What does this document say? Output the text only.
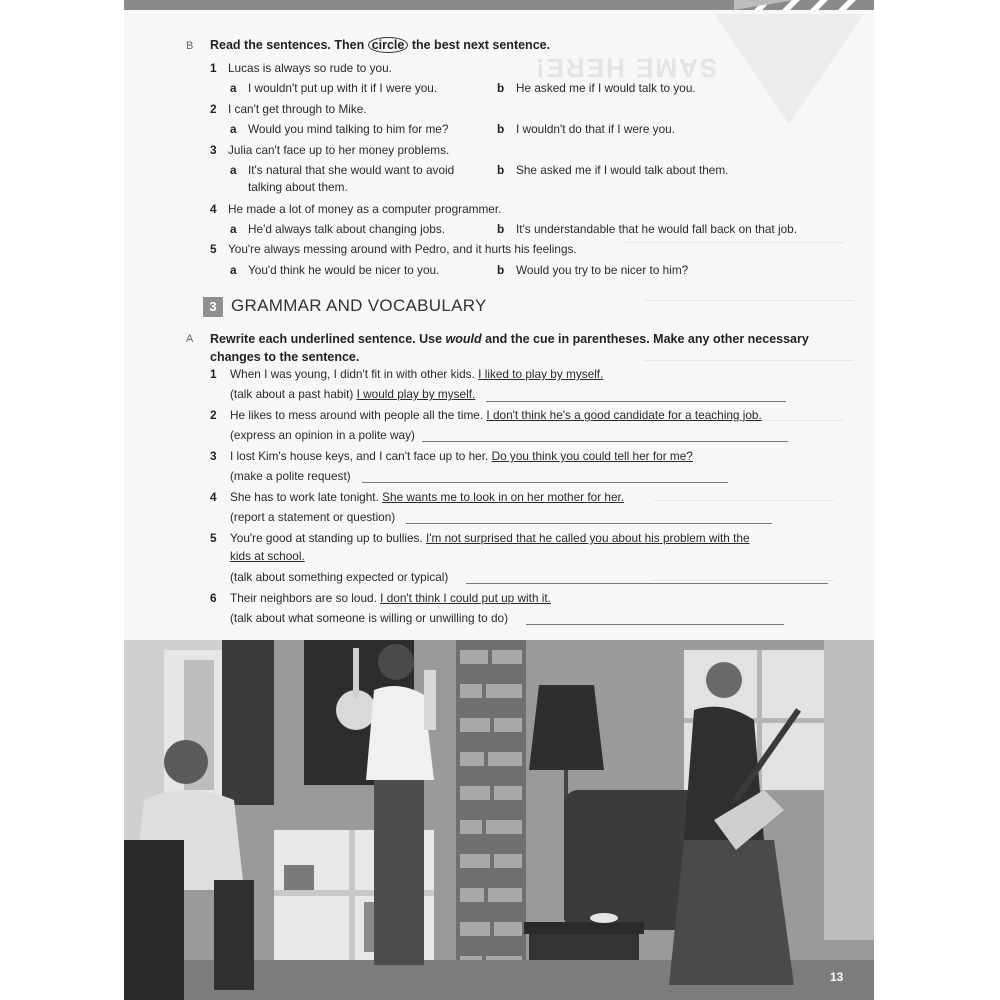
SAME HERE!
B Read the sentences. Then circle the best next sentence.
1 Lucas is always so rude to you.
a I wouldn't put up with it if I were you.	b He asked me if I would talk to you.
2 I can't get through to Mike.
a Would you mind talking to him for me?	b I wouldn't do that if I were you.
3 Julia can't face up to her money problems.
a It's natural that she would want to avoid
talking about them.
b She asked me if I would talk about them.
4 He made a lot of money as a computer programmer.
a He'd always talk about changing jobs.	b It's understandable that he would fall back on that job.
5 You're always messing around with Pedro, and it hurts his feelings.
a You'd think he would be nicer to you.	b Would you try to be nicer to him?
3 GRAMMAR AND VOCABULARY
A Rewrite each underlined sentence. Use would and the cue in parentheses. Make any other necessary changes to the sentence.
1 When I was young, I didn't fit in with other kids. I liked to play by myself.
(talk about a past habit) I would play by myself.
2 He likes to mess around with people all the time. I don't think he's a good candidate for a teaching job.
(express an opinion in a polite way)
3 I lost Kim's house keys, and I can't face up to her. Do you think you could tell her for me?
(make a polite request)
4 She has to work late tonight. She wants me to look in on her mother for her.
(report a statement or question)
5 You're good at standing up to bullies. I'm not surprised that he called you about his problem with the
kids at school.
(talk about something expected or typical)
6 Their neighbors are so loud. I don't think I could put up with it.
(talk about what someone is willing or unwilling to do)
13
